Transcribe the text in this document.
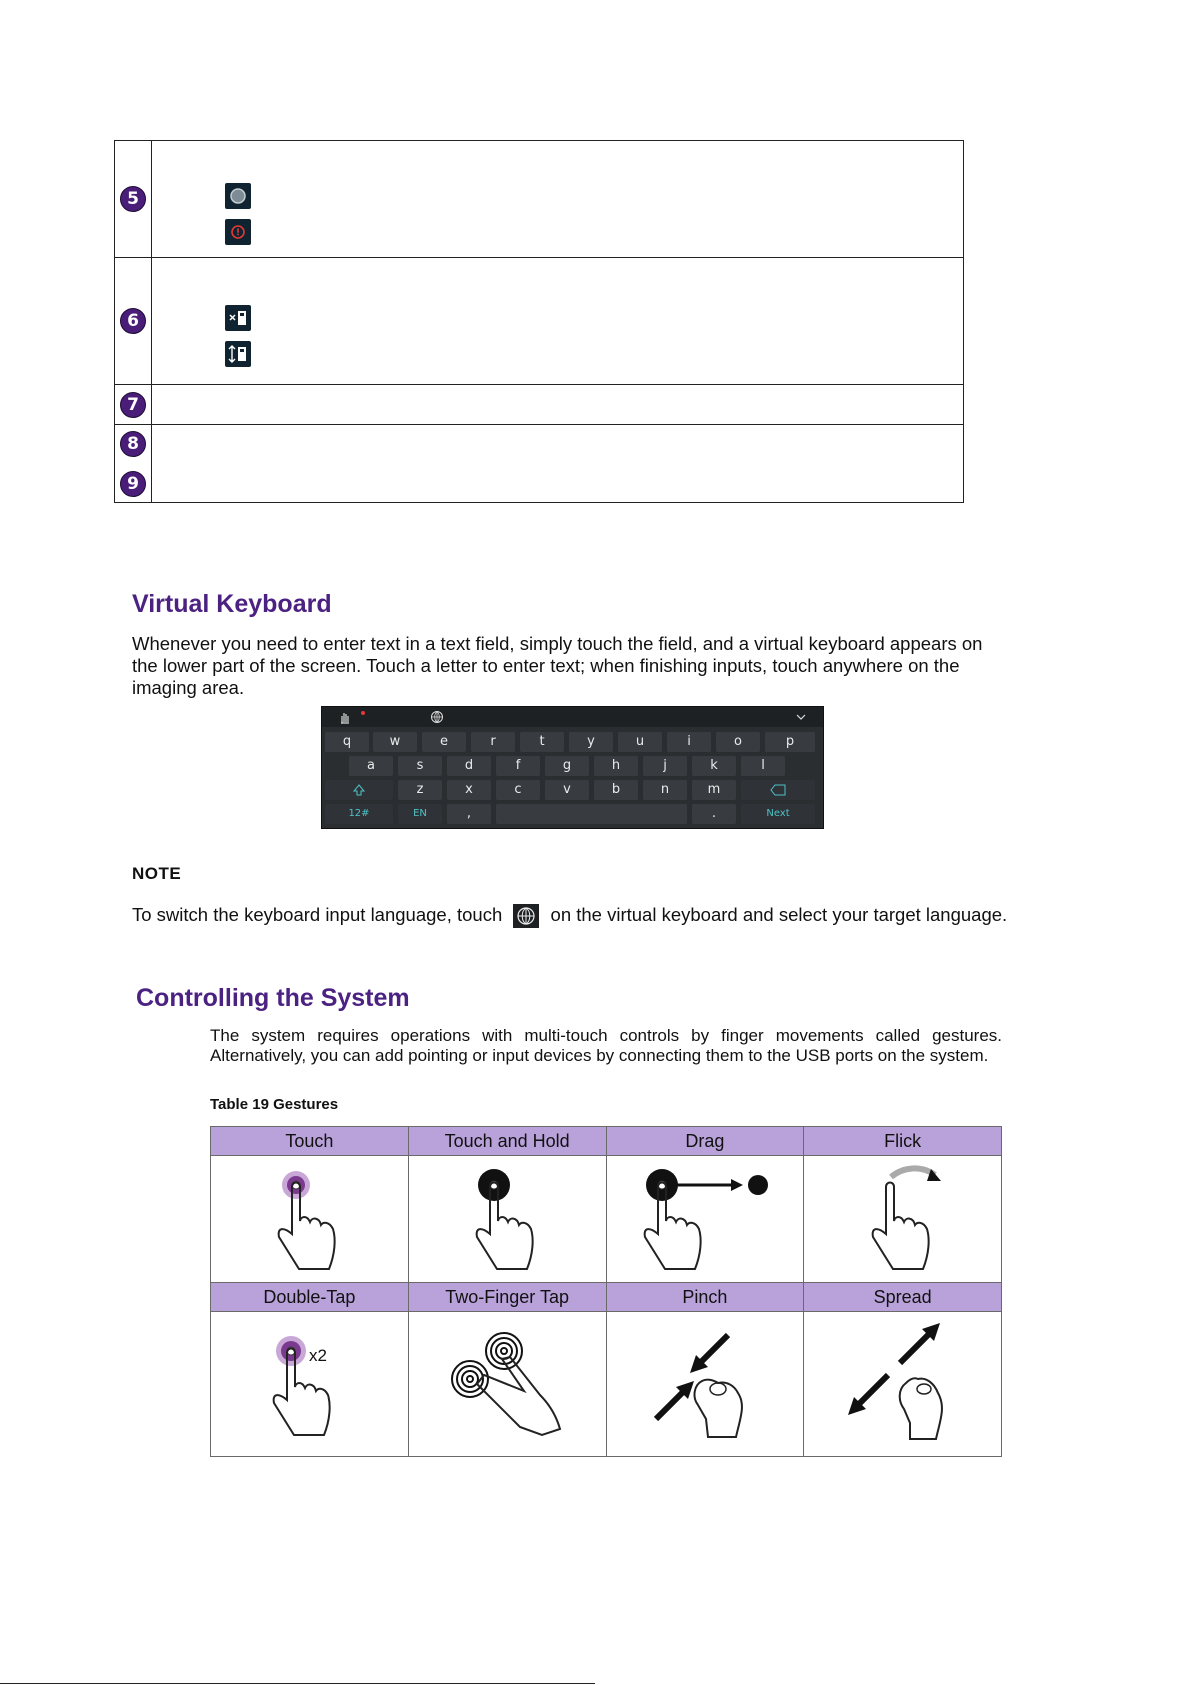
5	

6	

7	

8
9	

Virtual Keyboard

Whenever you need to enter text in a text field, simply touch the field, and a virtual keyboard appears on the lower part of the screen. Touch a letter to enter text; when finishing inputs, touch anywhere on the imaging area.

q	w	e	r	t	y	u	i	o	p
a	s	d	f	g	h	j	k	l
z	x	c	v	b	n	m
12#	EN	,	.	Next
NOTE

To switch the keyboard input language, touch	on the virtual keyboard and select your target language.

Controlling the System

The system requires operations with multi-touch controls by finger movements called gestures. Alternatively, you can add pointing or input devices by connecting them to the USB ports on the system.

Table 19 Gestures
Touch	Touch and Hold	Drag	Flick

Double-Tap	Two-Finger Tap	Pinch	Spread

x2
